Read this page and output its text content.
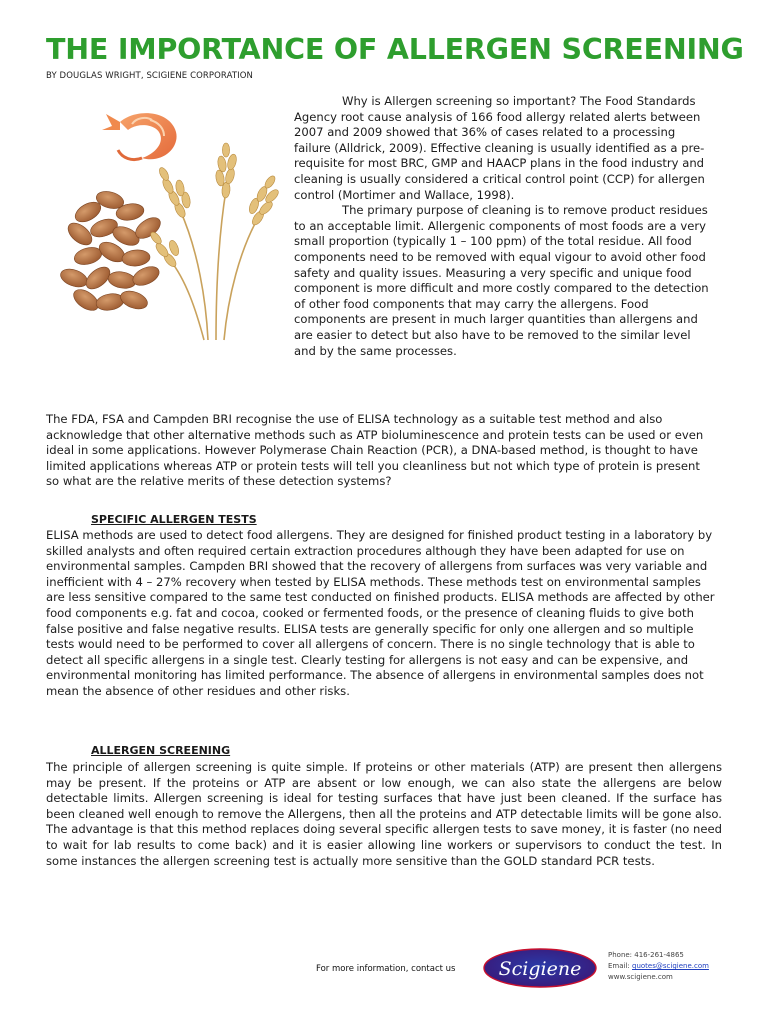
THE IMPORTANCE OF ALLERGEN SCREENING
BY DOUGLAS WRIGHT, SCIGIENE CORPORATION

Why is Allergen screening so important? The Food Standards Agency root cause analysis of 166 food allergy related alerts between 2007 and 2009 showed that 36% of cases related to a processing failure (Alldrick, 2009). Effective cleaning is usually identified as a pre-requisite for most BRC, GMP and HAACP plans in the food industry and cleaning is usually considered a critical control point (CCP) for allergen control (Mortimer and Wallace, 1998).

The primary purpose of cleaning is to remove product residues to an acceptable limit. Allergenic components of most foods are a very small proportion (typically 1 – 100 ppm) of the total residue. All food components need to be removed with equal vigour to avoid other food safety and quality issues. Measuring a very specific and unique food component is more difficult and more costly compared to the detection of other food components that may carry the allergens. Food components are present in much larger quantities than allergens and are easier to detect but also have to be removed to the similar level and by the same processes.

The FDA, FSA and Campden BRI recognise the use of ELISA technology as a suitable test method and also acknowledge that other alternative methods such as ATP bioluminescence and protein tests can be used or even ideal in some applications. However Polymerase Chain Reaction (PCR), a DNA-based method, is thought to have limited applications whereas ATP or protein tests will tell you cleanliness but not which type of protein is present so what are the relative merits of these detection systems?

SPECIFIC ALLERGEN TESTS

ELISA methods are used to detect food allergens. They are designed for finished product testing in a laboratory by skilled analysts and often required certain extraction procedures although they have been adapted for use on environmental samples. Campden BRI showed that the recovery of allergens from surfaces was very variable and inefficient with 4 – 27% recovery when tested by ELISA methods. These methods test on environmental samples are less sensitive compared to the same test conducted on finished products. ELISA methods are affected by other food components e.g. fat and cocoa, cooked or fermented foods, or the presence of cleaning fluids to give both false positive and false negative results. ELISA tests are generally specific for only one allergen and so multiple tests would need to be performed to cover all allergens of concern. There is no single technology that is able to detect all specific allergens in a single test. Clearly testing for allergens is not easy and can be expensive, and environmental monitoring has limited performance. The absence of allergens in environmental samples does not mean the absence of other residues and other risks.

ALLERGEN SCREENING

The principle of allergen screening is quite simple. If proteins or other materials (ATP) are present then allergens may be present. If the proteins or ATP are absent or low enough, we can also state the allergens are below detectable limits. Allergen screening is ideal for testing surfaces that have just been cleaned. If the surface has been cleaned well enough to remove the Allergens, then all the proteins and ATP detectable limits will be gone also. The advantage is that this method replaces doing several specific allergen tests to save money, it is faster (no need to wait for lab results to come back) and it is easier allowing line workers or supervisors to conduct the test. In some instances the allergen screening test is actually more sensitive than the GOLD standard PCR tests.

For more information, contact us Scigiene
Phone: 416-261-4865
Email: quotes@scigiene.com
www.scigiene.com
